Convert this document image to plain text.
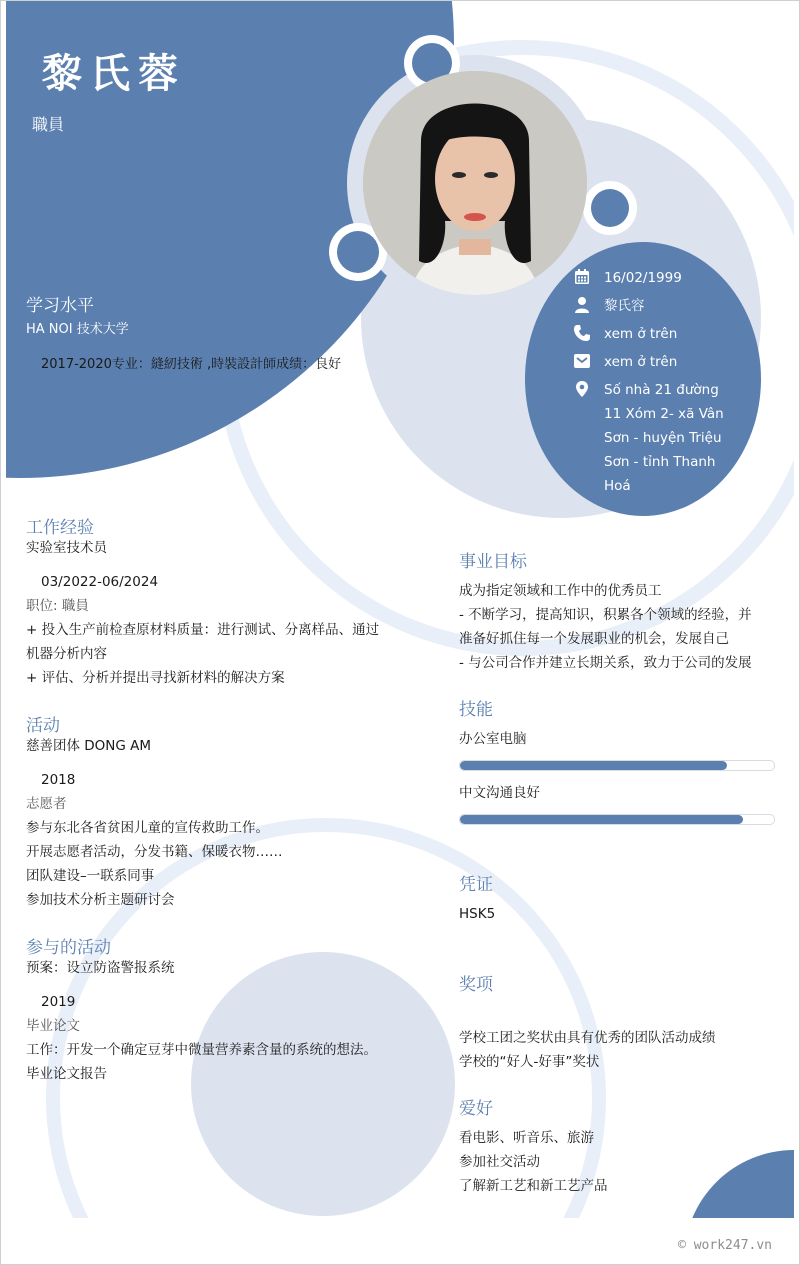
黎氏蓉
職員
学习水平
HA NOI 技术大学
2017-2020专业：縫紉技術 ,時裝設計師成绩：良好
16/02/1999
黎氏容
xem ở trên
xem ở trên
Số nhà 21 đường
11 Xóm 2- xã Vân
Sơn - huyện Triệu
Sơn - tỉnh Thanh
Hoá
工作经验
实验室技术员
03/2022-06/2024
职位: 職員
+ 投入生产前检查原材料质量：进行测试、分离样品、通过
机器分析内容
+ 评估、分析并提出寻找新材料的解决方案
活动
慈善团体 DONG AM
2018
志愿者
参与东北各省贫困儿童的宣传救助工作。
开展志愿者活动，分发书籍、保暖衣物……
团队建设–一联系同事
参加技术分析主题研讨会
参与的活动
预案：设立防盗警报系统
2019
毕业论文
工作：开发一个确定豆芽中微量营养素含量的系统的想法。
毕业论文报告
事业目标
成为指定领域和工作中的优秀员工
- 不断学习，提高知识，积累各个领域的经验，并
准备好抓住每一个发展职业的机会，发展自己
- 与公司合作并建立长期关系，致力于公司的发展
技能
办公室电脑
中文沟通良好
凭证
HSK5
奖项
学校工团之奖状由具有优秀的团队活动成绩
学校的“好人-好事”奖状
爱好
看电影、听音乐、旅游
参加社交活动
了解新工艺和新工艺产品
© work247.vn
